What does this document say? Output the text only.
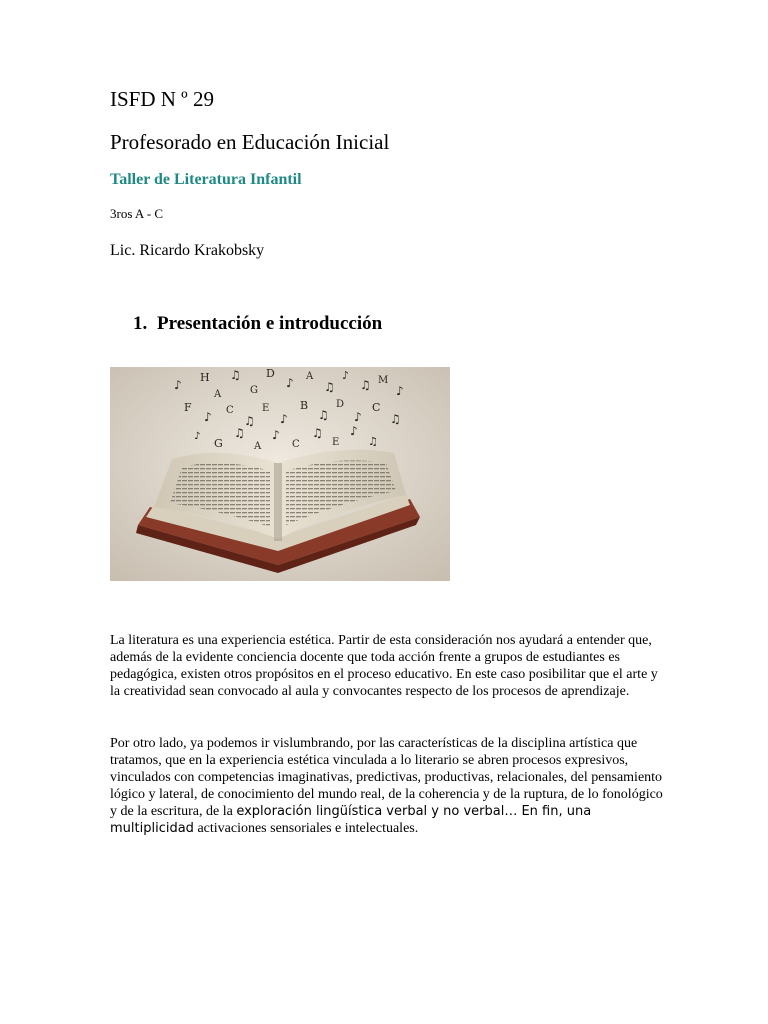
ISFD N º 29

Profesorado en Educación Inicial

Taller de Literatura Infantil

3ros A - C

Lic. Ricardo Krakobsky

1. Presentación e introducción
♪
H
A
♫
G
D
♪ A
♫
♪
♫ M
♪
F
♪ C
♫
E
♪
B
♫
D
♪
C
♫
♪
G
♫
A
♪
C
♫
E
♪
♫

La literatura es una experiencia estética. Partir de esta consideración nos ayudará a entender que, además de la evidente conciencia docente que toda acción frente a grupos de estudiantes es pedagógica, existen otros propósitos en el proceso educativo. En este caso posibilitar que el arte y la creatividad sean convocado al aula y convocantes respecto de los procesos de aprendizaje.

Por otro lado, ya podemos ir vislumbrando, por las características de la disciplina artística que tratamos, que en la experiencia estética vinculada a lo literario se abren procesos expresivos, vinculados con competencias imaginativas, predictivas, productivas, relacionales, del pensamiento lógico y lateral, de conocimiento del mundo real, de la coherencia y de la ruptura, de lo fonológico y de la escritura, de la exploración lingüística verbal y no verbal… En fin, una multiplicidad activaciones sensoriales e intelectuales.
